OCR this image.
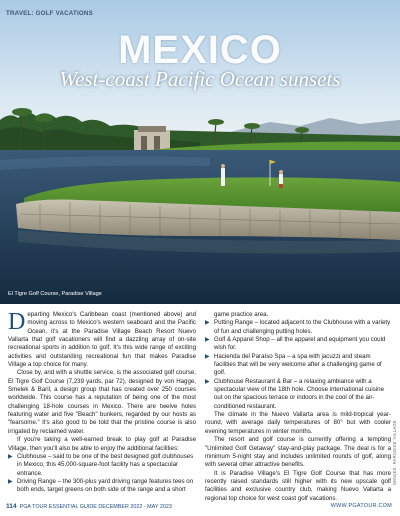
TRAVEL: GOLF VACATIONS
MEXICO
West-coast Pacific Ocean sunsets
El Tigre Golf Course, Paradise Village

Departing Mexico's Caribbean coast (mentioned above) and moving across to Mexico's western seaboard and the Pacific Ocean, it's at the Paradise Village Beach Resort Nuevo Vallarta that golf vacationers will find a dazzling array of on-site recreational sports in addition to golf. It's this wide range of exciting activities and outstanding recreational fun that makes Paradise Village a top choice for many.

Close by, and with a shuttle service, is the associated golf course, El Tigre Golf Course (7,239 yards, par 72), designed by von Hagge, Smelek & Baril, a design group that has created over 250 courses worldwide. This course has a reputation of being one of the most challenging 18-hole courses in Mexico. There are twelve holes featuring water and five "Beach" bunkers, regarded by our hosts as "fearsome." It's also good to be told that the pristine course is also irrigated by reclaimed water.

If you're taking a well-earned break to play golf at Paradise Village, then you'll also be able to enjoy the additional facilities:

▶ Clubhouse – said to be one of the best designed golf clubhouses in Mexico, this 45,000-square-foot facility has a spectacular entrance.
▶ Driving Range – the 300-plus yard driving range features tees on both ends, target greens on both side of the range and a short
game practice area.
▶ Putting Range – located adjacent to the Clubhouse with a variety of fun and challenging putting holes.
▶ Golf & Apparel Shop – all the apparel and equipment you could wish for.
▶ Hacienda del Paraíso Spa – a spa with jacuzzi and steam facilities that will be very welcome after a challenging game of golf.
▶ Clubhouse Restaurant & Bar – a relaxing ambiance with a spectacular view of the 18th hole. Choose international cuisine out on the spacious terrace or indoors in the cool of the air-conditioned restaurant.

The climate in the Nuevo Vallarta area is mild-tropical year-round, with average daily temperatures of 80° but with cooler evening temperatures in winter months.

The resort and golf course is currently offering a tempting "Unlimited Golf Getaway" stay-and-play package. The deal is for a minimum 5-night stay and includes unlimited rounds of golf, along with several other attractive benefits.

It is Paradise Village's El Tigre Golf Course that has more recently raised standards still higher with its new upscale golf facilities and exclusive country club, making Nuevo Vallarta a regional top choice for west coast golf vacations.

IMAGES: PARADISE VILLAGE
114 PGA TOUR ESSENTIAL GUIDE DECEMBER 2022 - MAY 2023	WWW.PGATOUR.COM
